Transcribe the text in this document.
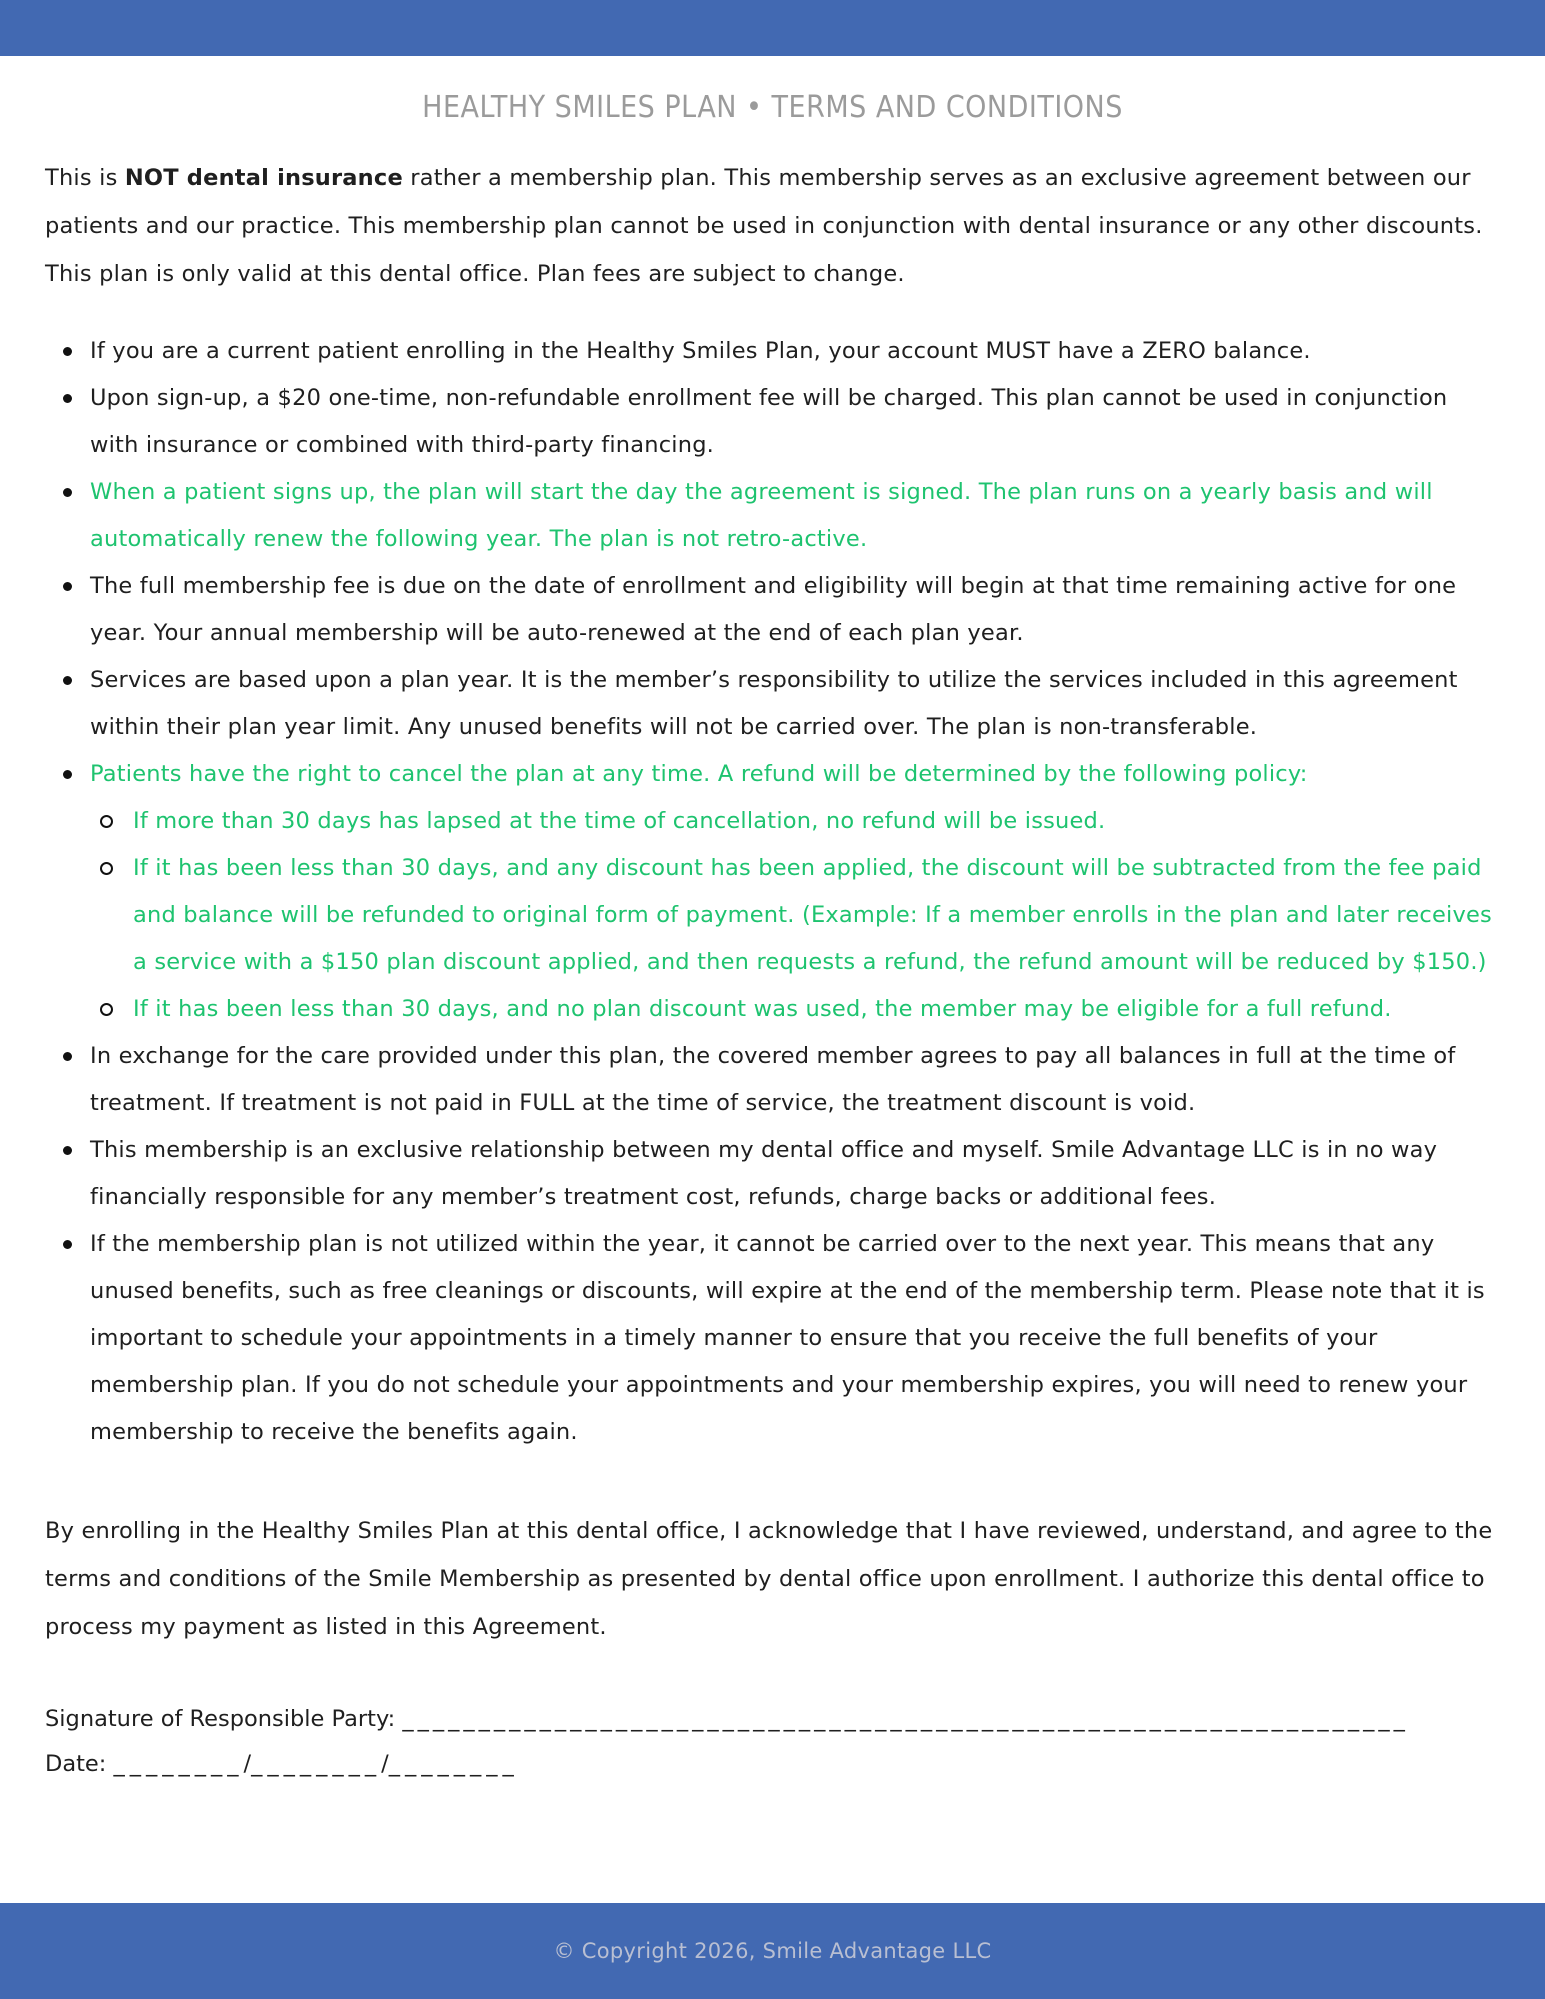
HEALTHY SMILES PLAN • TERMS AND CONDITIONS

This is NOT dental insurance rather a membership plan. This membership serves as an exclusive agreement between our patients and our practice. This membership plan cannot be used in conjunction with dental insurance or any other discounts. This plan is only valid at this dental office. Plan fees are subject to change.

If you are a current patient enrolling in the Healthy Smiles Plan, your account MUST have a ZERO balance.
Upon sign-up, a $20 one-time, non-refundable enrollment fee will be charged. This plan cannot be used in conjunction with insurance or combined with third-party financing.
When a patient signs up, the plan will start the day the agreement is signed. The plan runs on a yearly basis and will automatically renew the following year. The plan is not retro-active.
The full membership fee is due on the date of enrollment and eligibility will begin at that time remaining active for one year. Your annual membership will be auto-renewed at the end of each plan year.
Services are based upon a plan year. It is the member’s responsibility to utilize the services included in this agreement within their plan year limit. Any unused benefits will not be carried over. The plan is non-transferable.
Patients have the right to cancel the plan at any time. A refund will be determined by the following policy:
If more than 30 days has lapsed at the time of cancellation, no refund will be issued.
If it has been less than 30 days, and any discount has been applied, the discount will be subtracted from the fee paid and balance will be refunded to original form of payment. (Example: If a member enrolls in the plan and later receives a service with a $150 plan discount applied, and then requests a refund, the refund amount will be reduced by $150.)
If it has been less than 30 days, and no plan discount was used, the member may be eligible for a full refund.
In exchange for the care provided under this plan, the covered member agrees to pay all balances in full at the time of treatment. If treatment is not paid in FULL at the time of service, the treatment discount is void.
This membership is an exclusive relationship between my dental office and myself. Smile Advantage LLC is in no way financially responsible for any member’s treatment cost, refunds, charge backs or additional fees.
If the membership plan is not utilized within the year, it cannot be carried over to the next year. This means that any unused benefits, such as free cleanings or discounts, will expire at the end of the membership term. Please note that it is important to schedule your appointments in a timely manner to ensure that you receive the full benefits of your membership plan. If you do not schedule your appointments and your membership expires, you will need to renew your membership to receive the benefits again.

By enrolling in the Healthy Smiles Plan at this dental office, I acknowledge that I have reviewed, understand, and agree to the terms and conditions of the Smile Membership as presented by dental office upon enrollment. I authorize this dental office to process my payment as listed in this Agreement.

Signature of Responsible Party: __________________________________________________________________
Date: ________/________/________
© Copyright 2026, Smile Advantage LLC
